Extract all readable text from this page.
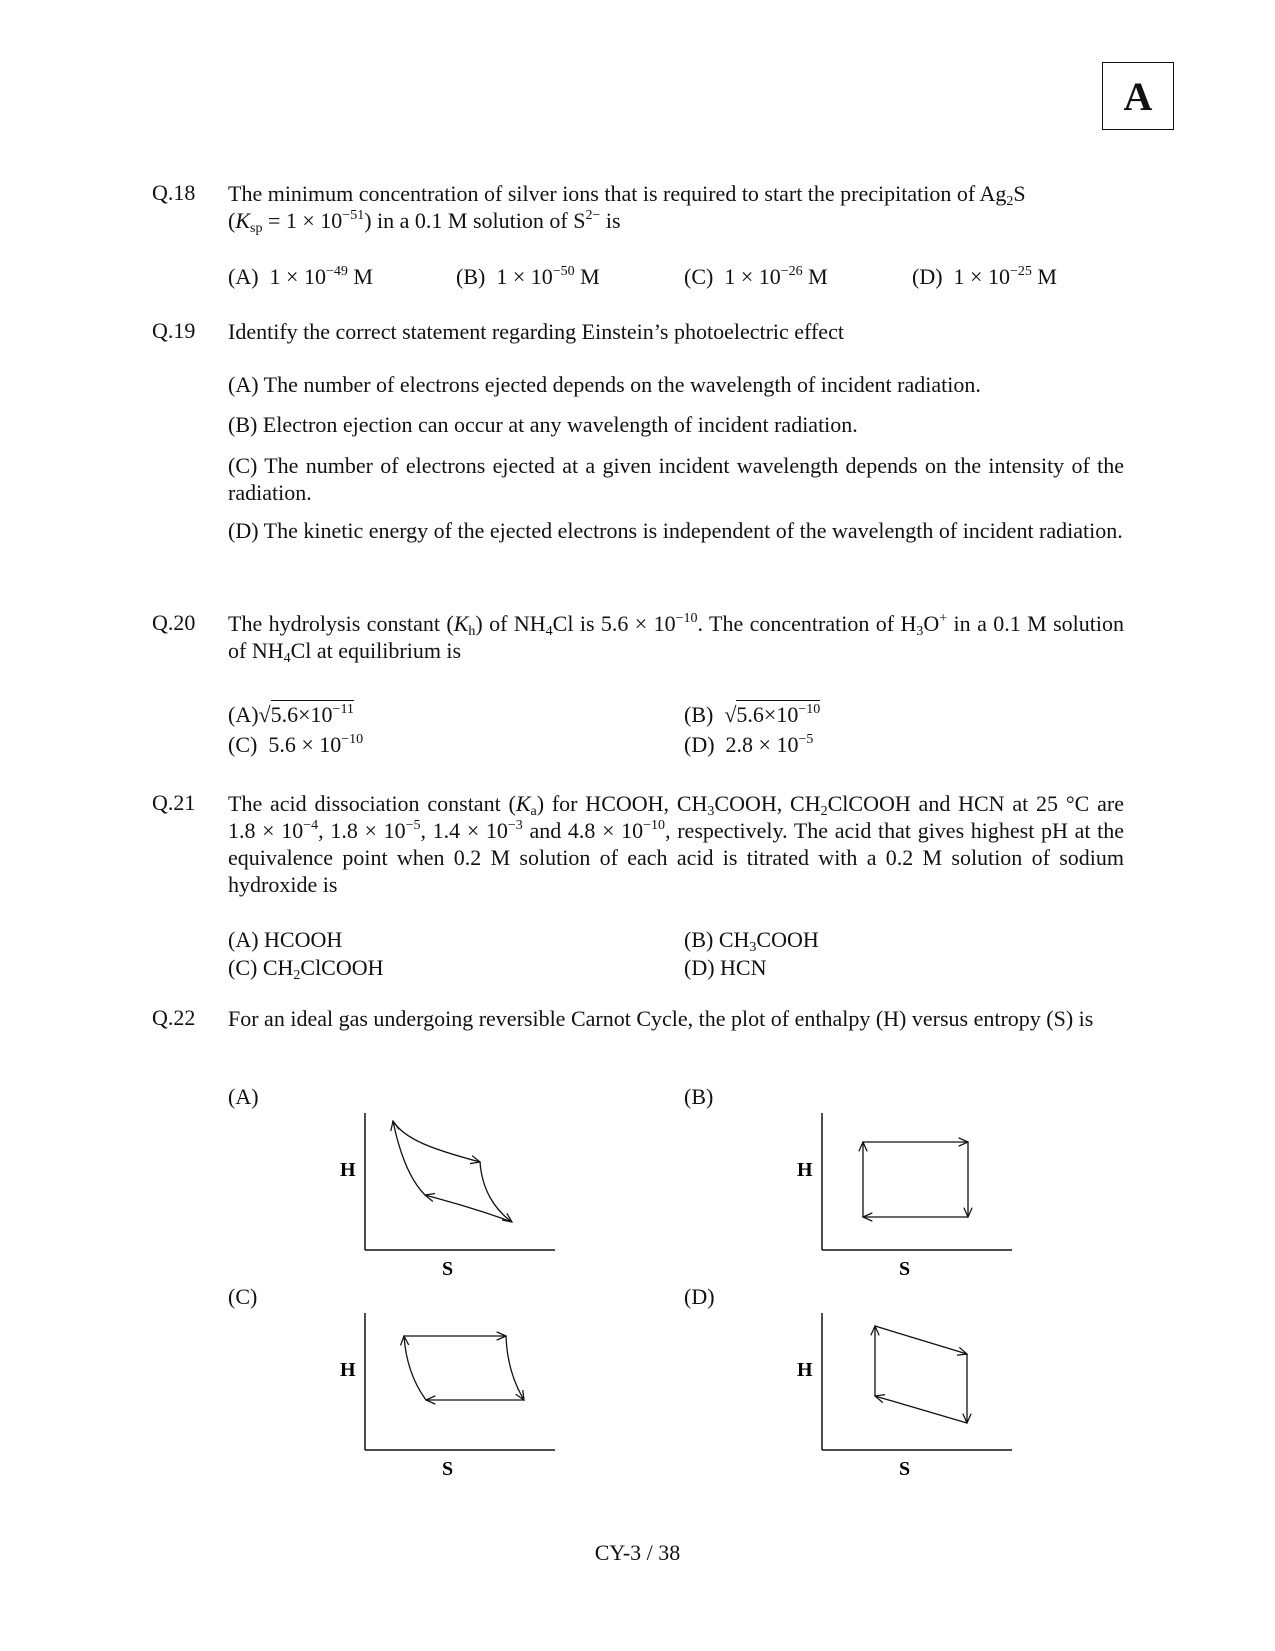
A
Q.18 The minimum concentration of silver ions that is required to start the precipitation of $Ag_2S$
$(K_{sp} = 1 \times 10^{-51})$ in a 0.1 M solution of $S^{2-}$ is
(A) $1 \times 10^{-49}$ M	(B) $1 \times 10^{-50}$ M	(C) $1 \times 10^{-26}$ M	(D) $1 \times 10^{-25}$ M
Q.19 Identify the correct statement regarding Einstein’s photoelectric effect
(A) The number of electrons ejected depends on the wavelength of incident radiation.
(B) Electron ejection can occur at any wavelength of incident radiation.
(C) The number of electrons ejected at a given incident wavelength depends on the intensity of the radiation.
(D) The kinetic energy of the ejected electrons is independent of the wavelength of incident radiation.
Q.20 The hydrolysis constant $(K_h)$ of $NH_4Cl$ is $5.6 \times 10^{-10}$. The concentration of $H_3O^+$ in a 0.1 M solution of $NH_4Cl$ at equilibrium is
$(A)√5.6\times 10^{-11}$	(B) $√5.6\times 10^{-10}$
(C) $5.6 \times 10^{-10}$	(D) $2.8 \times 10^{-5}$
Q.21 The acid dissociation constant $(K_a)$ for HCOOH, $CH_3COOH$, $CH_2ClCOOH$ and HCN at 25 °C are $1.8 \times 10^{-4}$, $1.8 \times 10^{-5}$, $1.4 \times 10^{-3}$ and $4.8 \times 10^{-10}$, respectively. The acid that gives highest pH at the equivalence point when 0.2 M solution of each acid is titrated with a 0.2 M solution of sodium hydroxide is
(A) HCOOH	(B) $CH_3COOH$
(C) $CH_2ClCOOH$	(D) HCN
Q.22 For an ideal gas undergoing reversible Carnot Cycle, the plot of enthalpy (H) versus entropy (S) is
(A)
H
S
(B)
H
S
(C)
H
S
(D)
H
S
CY-3 / 38
